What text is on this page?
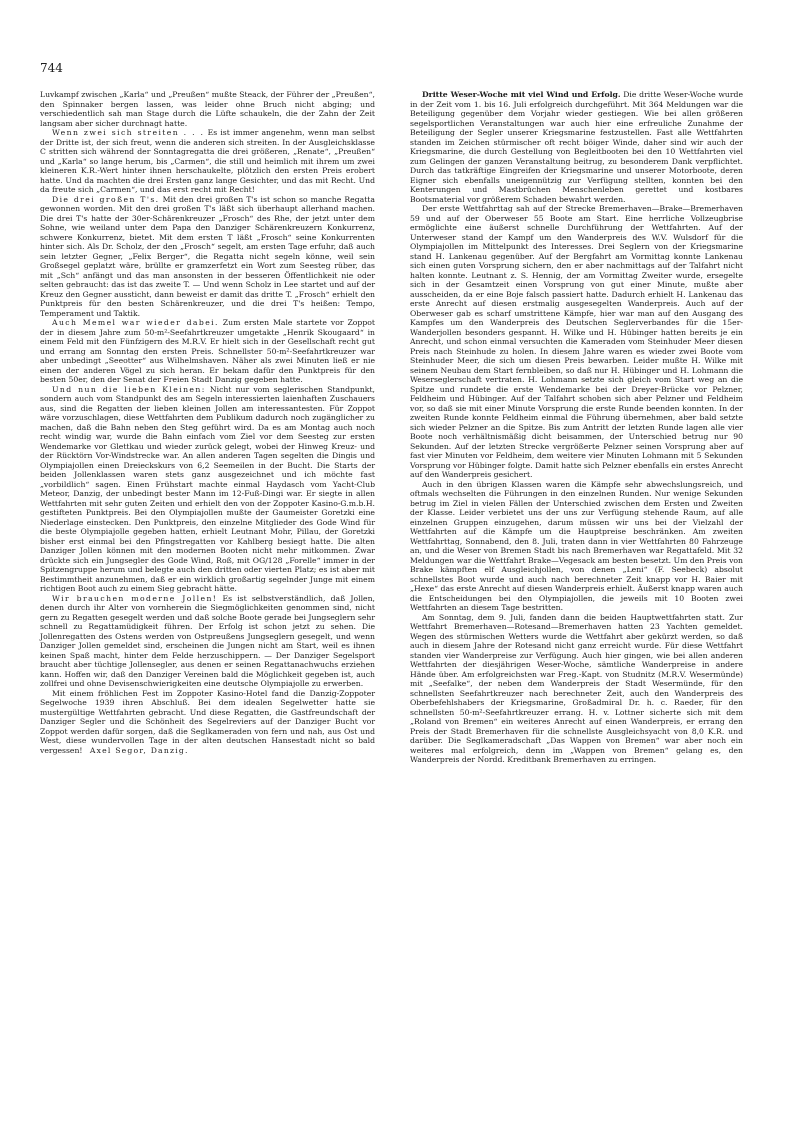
744

Luvkampf zwischen „Karla“ und „Preußen“ mußte Steack, der Führer der „Preußen“, den Spinnaker bergen lassen, was leider ohne Bruch nicht abging; und verschiedentlich sah man Stage durch die Lüfte schaukeln, die der Zahn der Zeit langsam aber sicher durchnagt hatte.

Wenn zwei sich streiten . . . Es ist immer angenehm, wenn man selbst der Dritte ist, der sich freut, wenn die anderen sich streiten. In der Ausgleichsklasse C stritten sich während der Sonntagregatta die drei größeren, „Renate“, „Preußen“ und „Karla“ so lange herum, bis „Carmen“, die still und heimlich mit ihrem um zwei kleineren K.R.-Wert hinter ihnen herschaukelte, plötzlich den ersten Preis erobert hatte. Und da machten die drei Ersten ganz lange Gesichter, und das mit Recht. Und da freute sich „Carmen“, und das erst recht mit Recht!

Die drei großen T's. Mit den drei großen T's ist schon so manche Regatta gewonnen worden. Mit den drei großen T's läßt sich überhaupt allerhand machen. Die drei T's hatte der 30er-Schärenkreuzer „Frosch“ des Rhe, der jetzt unter dem Sohne, wie weiland unter dem Papa den Danziger Schärenkreuzern Konkurrenz, schwere Konkurrenz, bietet. Mit dem ersten T läßt „Frosch“ seine Konkurrenten hinter sich. Als Dr. Scholz, der den „Frosch“ segelt, am ersten Tage erfuhr, daß auch sein letzter Gegner, „Felix Berger“, die Regatta nicht segeln könne, weil sein Großsegel geplatzt wäre, brüllte er gramzerfetzt ein Wort zum Seesteg rüber, das mit „Sch“ anfängt und das man ansonsten in der besseren Öffentlichkeit nie oder selten gebraucht: das ist das zweite T. — Und wenn Scholz in Lee startet und auf der Kreuz den Gegner aussticht, dann beweist er damit das dritte T. „Frosch“ erhielt den Punktpreis für den besten Schärenkreuzer, und die drei T's heißen: Tempo, Temperament und Taktik.

Auch Memel war wieder dabei. Zum ersten Male startete vor Zoppot der in diesem Jahre zum 50-m²-Seefahrtkreuzer umgetakte „Henrik Skougaard“ in einem Feld mit den Fünfzigern des M.R.V. Er hielt sich in der Gesellschaft recht gut und errang am Sonntag den ersten Preis. Schnellster 50-m²-Seefahrtkreuzer war aber unbedingt „Seeotter“ aus Wilhelmshaven. Näher als zwei Minuten ließ er nie einen der anderen Vögel zu sich heran. Er bekam dafür den Punktpreis für den besten 50er, den der Senat der Freien Stadt Danzig gegeben hatte.

Und nun die lieben Kleinen: Nicht nur vom seglerischen Standpunkt, sondern auch vom Standpunkt des am Segeln interessierten laienhaften Zuschauers aus, sind die Regatten der lieben kleinen Jollen am interessantesten. Für Zoppot wäre vorzuschlagen, diese Wettfahrten dem Publikum dadurch noch zugänglicher zu machen, daß die Bahn neben den Steg geführt wird. Da es am Montag auch noch recht windig war, wurde die Bahn einfach vom Ziel vor dem Seesteg zur ersten Wendemarke vor Glettkau und wieder zurück gelegt, wobei der Hinweg Kreuz- und der Rücktörn Vor-Windstrecke war. An allen anderen Tagen segelten die Dingis und Olympiajollen einen Dreieckskurs von 6,2 Seemeilen in der Bucht. Die Starts der beiden Jollenklassen waren stets ganz ausgezeichnet und ich möchte fast „vorbildlich“ sagen. Einen Frühstart machte einmal Haydasch vom Yacht-Club Meteor, Danzig, der unbedingt bester Mann im 12-Fuß-Dingi war. Er siegte in allen Wettfahrten mit sehr guten Zeiten und erhielt den von der Zoppoter Kasino-G.m.b.H. gestifteten Punktpreis. Bei den Olympiajollen mußte der Gaumeister Goretzki eine Niederlage einstecken. Den Punktpreis, den einzelne Mitglieder des Gode Wind für die beste Olympiajolle gegeben hatten, erhielt Leutnant Mohr, Pillau, der Goretzki bisher erst einmal bei den Pfingstregatten vor Kahlberg besiegt hatte. Die alten Danziger Jollen können mit den modernen Booten nicht mehr mitkommen. Zwar drückte sich ein Jungsegler des Gode Wind, Roß, mit OG/128 „Forelle“ immer in der Spitzengruppe herum und belegte auch den dritten oder vierten Platz; es ist aber mit Bestimmtheit anzunehmen, daß er ein wirklich großartig segelnder Junge mit einem richtigen Boot auch zu einem Sieg gebracht hätte.

Wir brauchen moderne Jollen! Es ist selbstverständlich, daß Jollen, denen durch ihr Alter von vornherein die Siegmöglichkeiten genommen sind, nicht gern zu Regatten gesegelt werden und daß solche Boote gerade bei Jungseglern sehr schnell zu Regattamüdigkeit führen. Der Erfolg ist schon jetzt zu sehen. Die Jollenregatten des Ostens werden von Ostpreußens Jungseglern gesegelt, und wenn Danziger Jollen gemeldet sind, erscheinen die Jungen nicht am Start, weil es ihnen keinen Spaß macht, hinter dem Felde herzuschippern. — Der Danziger Segelsport braucht aber tüchtige Jollensegler, aus denen er seinen Regattanachwuchs erziehen kann. Hoffen wir, daß den Danziger Vereinen bald die Möglichkeit gegeben ist, auch zollfrei und ohne Devisenschwierigkeiten eine deutsche Olympiajolle zu erwerben.

Mit einem fröhlichen Fest im Zoppoter Kasino-Hotel fand die Danzig-Zoppoter Segelwoche 1939 ihren Abschluß. Bei dem idealen Segelwetter hatte sie mustergültige Wettfahrten gebracht. Und diese Regatten, die Gastfreundschaft der Danziger Segler und die Schönheit des Segelreviers auf der Danziger Bucht vor Zoppot werden dafür sorgen, daß die Seglkameraden von fern und nah, aus Ost und West, diese wundervollen Tage in der alten deutschen Hansestadt nicht so bald vergessen! Axel Segor, Danzig.

Dritte Weser-Woche mit viel Wind und Erfolg. Die dritte Weser-Woche wurde in der Zeit vom 1. bis 16. Juli erfolgreich durchgeführt. Mit 364 Meldungen war die Beteiligung gegenüber dem Vorjahr wieder gestiegen. Wie bei allen größeren segelsportlichen Veranstaltungen war auch hier eine erfreuliche Zunahme der Beteiligung der Segler unserer Kriegsmarine festzustellen. Fast alle Wettfahrten standen im Zeichen stürmischer oft recht böiger Winde, daher sind wir auch der Kriegsmarine, die durch Gestellung von Begleitbooten bei den 10 Wettfahrten viel zum Gelingen der ganzen Veranstaltung beitrug, zu besonderem Dank verpflichtet. Durch das tatkräftige Eingreifen der Kriegsmarine und unserer Motorboote, deren Eigner sich ebenfalls uneigennützig zur Verfügung stellten, konnten bei den Kenterungen und Mastbrüchen Menschenleben gerettet und kostbares Bootsmaterial vor größerem Schaden bewahrt werden.

Der erste Wettfahrttag sah auf der Strecke Bremerhaven—Brake—Bremerhaven 59 und auf der Oberweser 55 Boote am Start. Eine herrliche Vollzeugbrise ermöglichte eine äußerst schnelle Durchführung der Wettfahrten. Auf der Unterweser stand der Kampf um den Wanderpreis des W.V. Wulsdorf für die Olympiajollen im Mittelpunkt des Interesses. Drei Seglern von der Kriegsmarine stand H. Lankenau gegenüber. Auf der Bergfahrt am Vormittag konnte Lankenau sich einen guten Vorsprung sichern, den er aber nachmittags auf der Talfahrt nicht halten konnte. Leutnant z. S. Hennig, der am Vormittag Zweiter wurde, ersegelte sich in der Gesamtzeit einen Vorsprung von gut einer Minute, mußte aber ausscheiden, da er eine Boje falsch passiert hatte. Dadurch erhielt H. Lankenau das erste Anrecht auf diesen erstmalig ausgesegelten Wanderpreis. Auch auf der Oberweser gab es scharf umstrittene Kämpfe, hier war man auf den Ausgang des Kampfes um den Wanderpreis des Deutschen Seglerverbandes für die 15er-Wanderjollen besonders gespannt. H. Wilke und H. Hübinger hatten bereits je ein Anrecht, und schon einmal versuchten die Kameraden vom Steinhuder Meer diesen Preis nach Steinhude zu holen. In diesem Jahre waren es wieder zwei Boote vom Steinhuder Meer, die sich um diesen Preis bewarben. Leider mußte H. Wilke mit seinem Neubau dem Start fernbleiben, so daß nur H. Hübinger und H. Lohmann die Weserseglerschaft vertraten. H. Lohmann setzte sich gleich vom Start weg an die Spitze und rundete die erste Wendemarke bei der Dreyer-Brücke vor Pelzner, Feldheim und Hübinger. Auf der Talfahrt schoben sich aber Pelzner und Feldheim vor, so daß sie mit einer Minute Vorsprung die erste Runde beenden konnten. In der zweiten Runde konnte Feldheim einmal die Führung übernehmen, aber bald setzte sich wieder Pelzner an die Spitze. Bis zum Antritt der letzten Runde lagen alle vier Boote noch verhältnismäßig dicht beisammen, der Unterschied betrug nur 90 Sekunden. Auf der letzten Strecke vergrößerte Pelzner seinen Vorsprung aber auf fast vier Minuten vor Feldheim, dem weitere vier Minuten Lohmann mit 5 Sekunden Vorsprung vor Hübinger folgte. Damit hatte sich Pelzner ebenfalls ein erstes Anrecht auf den Wanderpreis gesichert.

Auch in den übrigen Klassen waren die Kämpfe sehr abwechslungsreich, und oftmals wechselten die Führungen in den einzelnen Runden. Nur wenige Sekunden betrug im Ziel in vielen Fällen der Unterschied zwischen dem Ersten und Zweiten der Klasse. Leider verbietet uns der uns zur Verfügung stehende Raum, auf alle einzelnen Gruppen einzugehen, darum müssen wir uns bei der Vielzahl der Wettfahrten auf die Kämpfe um die Hauptpreise beschränken. Am zweiten Wettfahrttag, Sonnabend, den 8. Juli, traten dann in vier Wettfahrten 80 Fahrzeuge an, und die Weser von Bremen Stadt bis nach Bremerhaven war Regattafeld. Mit 32 Meldungen war die Wettfahrt Brake—Vegesack am besten besetzt. Um den Preis von Brake kämpften elf Ausgleichjollen, von denen „Leni“ (F. Seebeck) absolut schnellstes Boot wurde und auch nach berechneter Zeit knapp vor H. Baier mit „Hexe“ das erste Anrecht auf diesen Wanderpreis erhielt. Äußerst knapp waren auch die Entscheidungen bei den Olympiajollen, die jeweils mit 10 Booten zwei Wettfahrten an diesem Tage bestritten.

Am Sonntag, dem 9. Juli, fanden dann die beiden Hauptwettfahrten statt. Zur Wettfahrt Bremerhaven—Rotesand—Bremerhaven hatten 23 Yachten gemeldet. Wegen des stürmischen Wetters wurde die Wettfahrt aber gekürzt werden, so daß auch in diesem Jahre der Rotesand nicht ganz erreicht wurde. Für diese Wettfahrt standen vier Wanderpreise zur Verfügung. Auch hier gingen, wie bei allen anderen Wettfahrten der diesjährigen Weser-Woche, sämtliche Wanderpreise in andere Hände über. Am erfolgreichsten war Freg.-Kapt. von Studnitz (M.R.V. Wesermünde) mit „Seefalke“, der neben dem Wanderpreis der Stadt Wesermünde, für den schnellsten Seefahrtkreuzer nach berechneter Zeit, auch den Wanderpreis des Oberbefehlshabers der Kriegsmarine, Großadmiral Dr. h. c. Raeder, für den schnellsten 50-m²-Seefahrtkreuzer errang. H. v. Lottner sicherte sich mit dem „Roland von Bremen“ ein weiteres Anrecht auf einen Wanderpreis, er errang den Preis der Stadt Bremerhaven für die schnellste Ausgleichsyacht von 8,0 K.R. und darüber. Die Seglkameradschaft „Das Wappen von Bremen“ war aber noch ein weiteres mal erfolgreich, denn im „Wappen von Bremen“ gelang es, den Wanderpreis der Nordd. Kreditbank Bremerhaven zu erringen.
